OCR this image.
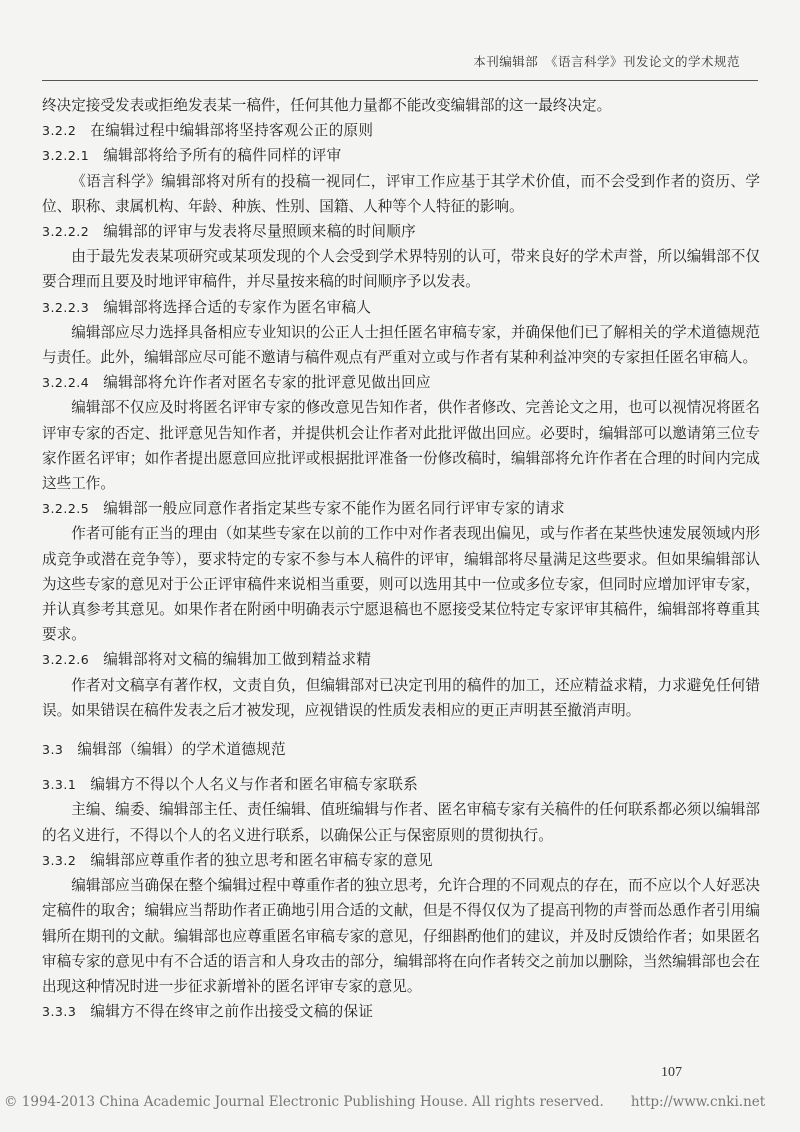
本刊编辑部　《语言科学》刊发论文的学术规范

终决定接受发表或拒绝发表某一稿件，任何其他力量都不能改变编辑部的这一最终决定。

3.2.2 在编辑过程中编辑部将坚持客观公正的原则

3.2.2.1 编辑部将给予所有的稿件同样的评审

《语言科学》编辑部将对所有的投稿一视同仁，评审工作应基于其学术价值，而不会受到作者的资历、学位、职称、隶属机构、年龄、种族、性别、国籍、人种等个人特征的影响。

3.2.2.2 编辑部的评审与发表将尽量照顾来稿的时间顺序

由于最先发表某项研究或某项发现的个人会受到学术界特别的认可，带来良好的学术声誉，所以编辑部不仅要合理而且要及时地评审稿件，并尽量按来稿的时间顺序予以发表。

3.2.2.3 编辑部将选择合适的专家作为匿名审稿人

编辑部应尽力选择具备相应专业知识的公正人士担任匿名审稿专家，并确保他们已了解相关的学术道德规范与责任。此外，编辑部应尽可能不邀请与稿件观点有严重对立或与作者有某种利益冲突的专家担任匿名审稿人。

3.2.2.4 编辑部将允许作者对匿名专家的批评意见做出回应

编辑部不仅应及时将匿名评审专家的修改意见告知作者，供作者修改、完善论文之用，也可以视情况将匿名评审专家的否定、批评意见告知作者，并提供机会让作者对此批评做出回应。必要时，编辑部可以邀请第三位专家作匿名评审；如作者提出愿意回应批评或根据批评准备一份修改稿时，编辑部将允许作者在合理的时间内完成这些工作。

3.2.2.5 编辑部一般应同意作者指定某些专家不能作为匿名同行评审专家的请求

作者可能有正当的理由（如某些专家在以前的工作中对作者表现出偏见，或与作者在某些快速发展领域内形成竞争或潜在竞争等），要求特定的专家不参与本人稿件的评审，编辑部将尽量满足这些要求。但如果编辑部认为这些专家的意见对于公正评审稿件来说相当重要，则可以选用其中一位或多位专家，但同时应增加评审专家，并认真参考其意见。如果作者在附函中明确表示宁愿退稿也不愿接受某位特定专家评审其稿件，编辑部将尊重其要求。

3.2.2.6 编辑部将对文稿的编辑加工做到精益求精

作者对文稿享有著作权，文责自负，但编辑部对已决定刊用的稿件的加工，还应精益求精，力求避免任何错误。如果错误在稿件发表之后才被发现，应视错误的性质发表相应的更正声明甚至撤消声明。

3.3 编辑部（编辑）的学术道德规范

3.3.1 编辑方不得以个人名义与作者和匿名审稿专家联系

主编、编委、编辑部主任、责任编辑、值班编辑与作者、匿名审稿专家有关稿件的任何联系都必须以编辑部的名义进行，不得以个人的名义进行联系，以确保公正与保密原则的贯彻执行。

3.3.2 编辑部应尊重作者的独立思考和匿名审稿专家的意见

编辑部应当确保在整个编辑过程中尊重作者的独立思考，允许合理的不同观点的存在，而不应以个人好恶决定稿件的取舍；编辑应当帮助作者正确地引用合适的文献，但是不得仅仅为了提高刊物的声誉而怂恿作者引用编辑所在期刊的文献。编辑部也应尊重匿名审稿专家的意见，仔细斟酌他们的建议，并及时反馈给作者；如果匿名审稿专家的意见中有不合适的语言和人身攻击的部分，编辑部将在向作者转交之前加以删除，当然编辑部也会在出现这种情况时进一步征求新增补的匿名评审专家的意见。

3.3.3 编辑方不得在终审之前作出接受文稿的保证

107
© 1994-2013 China Academic Journal Electronic Publishing House. All rights reserved.　　http://www.cnki.net
